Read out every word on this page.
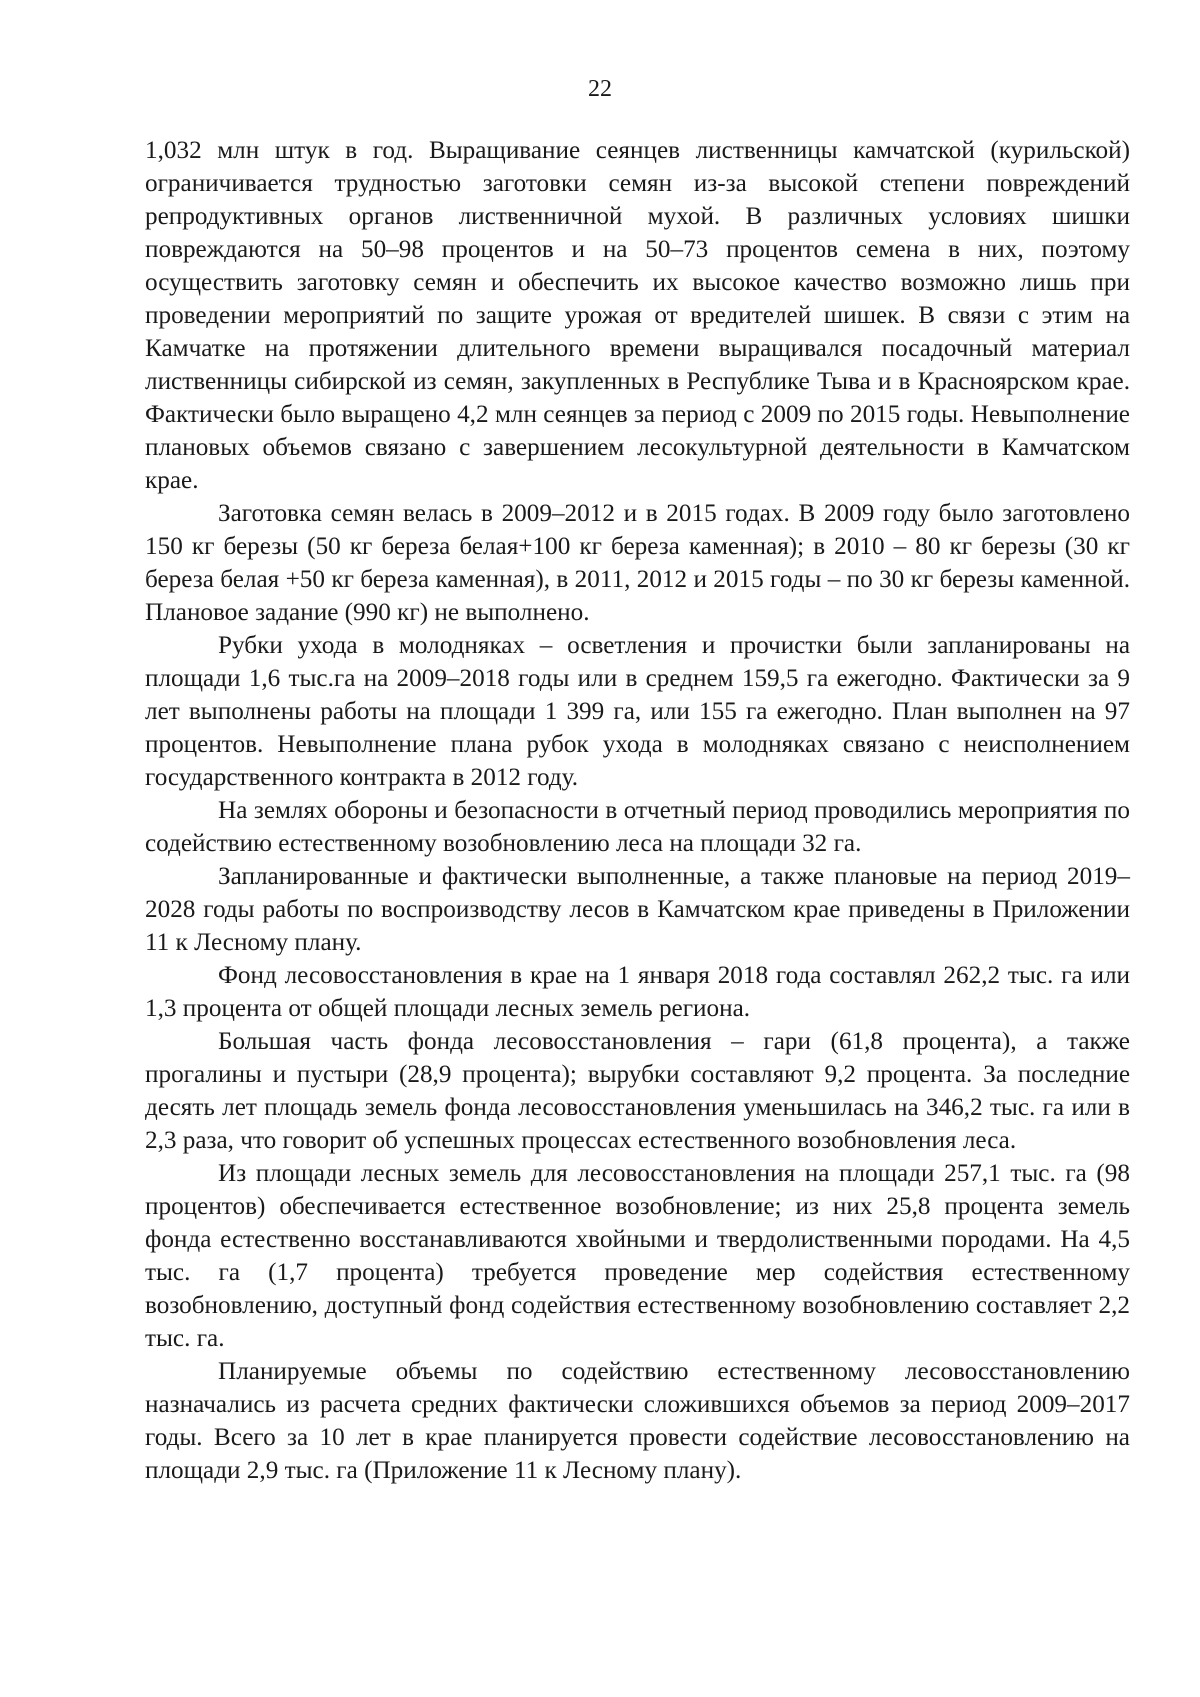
22

1,032 млн штук в год. Выращивание сеянцев лиственницы камчатской (курильской) ограничивается трудностью заготовки семян из-за высокой степени повреждений репродуктивных органов лиственничной мухой. В различных условиях шишки повреждаются на 50–98 процентов и на 50–73 процентов семена в них, поэтому осуществить заготовку семян и обеспечить их высокое качество возможно лишь при проведении мероприятий по защите урожая от вредителей шишек. В связи с этим на Камчатке на протяжении длительного времени выращивался посадочный материал лиственницы сибирской из семян, закупленных в Республике Тыва и в Красноярском крае. Фактически было выращено 4,2 млн сеянцев за период с 2009 по 2015 годы. Невыполнение плановых объемов связано с завершением лесокультурной деятельности в Камчатском крае.

Заготовка семян велась в 2009–2012 и в 2015 годах. В 2009 году было заготовлено 150 кг березы (50 кг береза белая+100 кг береза каменная); в 2010 – 80 кг березы (30 кг береза белая +50 кг береза каменная), в 2011, 2012 и 2015 годы – по 30 кг березы каменной. Плановое задание (990 кг) не выполнено.

Рубки ухода в молодняках – осветления и прочистки были запланированы на площади 1,6 тыс.га на 2009–2018 годы или в среднем 159,5 га ежегодно. Фактически за 9 лет выполнены работы на площади 1 399 га, или 155 га ежегодно. План выполнен на 97 процентов. Невыполнение плана рубок ухода в молодняках связано с неисполнением государственного контракта в 2012 году.

На землях обороны и безопасности в отчетный период проводились мероприятия по содействию естественному возобновлению леса на площади 32 га.

Запланированные и фактически выполненные, а также плановые на период 2019–2028 годы работы по воспроизводству лесов в Камчатском крае приведены в Приложении 11 к Лесному плану.

Фонд лесовосстановления в крае на 1 января 2018 года составлял 262,2 тыс. га или 1,3 процента от общей площади лесных земель региона.

Большая часть фонда лесовосстановления – гари (61,8 процента), а также прогалины и пустыри (28,9 процента); вырубки составляют 9,2 процента. За последние десять лет площадь земель фонда лесовосстановления уменьшилась на 346,2 тыс. га или в 2,3 раза, что говорит об успешных процессах естественного возобновления леса.

Из площади лесных земель для лесовосстановления на площади 257,1 тыс. га (98 процентов) обеспечивается естественное возобновление; из них 25,8 процента земель фонда естественно восстанавливаются хвойными и твердолиственными породами. На 4,5 тыс. га (1,7 процента) требуется проведение мер содействия естественному возобновлению, доступный фонд содействия естественному возобновлению составляет 2,2 тыс. га.

Планируемые объемы по содействию естественному лесовосстановлению назначались из расчета средних фактически сложившихся объемов за период 2009–2017 годы. Всего за 10 лет в крае планируется провести содействие лесовосстановлению на площади 2,9 тыс. га (Приложение 11 к Лесному плану).
